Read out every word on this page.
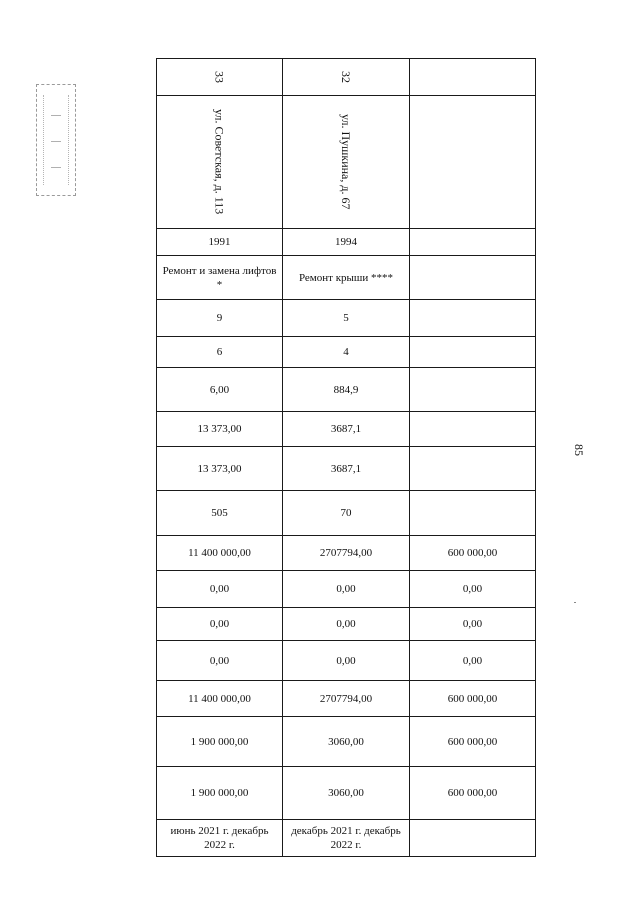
85
33	32	

ул. Советская, д. 113	ул. Пушкина, д. 67	

1991	1994	
Ремонт и замена лифтов *	Ремонт крыши ****	
9	5	
6	4	
6,00	884,9	
13 373,00	3687,1	
13 373,00	3687,1	
505	70	
11 400 000,00	2707794,00	600 000,00
0,00	0,00	0,00
0,00	0,00	0,00
0,00	0,00	0,00
11 400 000,00	2707794,00	600 000,00
1 900 000,00	3060,00	600 000,00
1 900 000,00	3060,00	600 000,00
июнь 2021 г. декабрь 2022 г.	декабрь 2021 г. декабрь 2022 г.	
